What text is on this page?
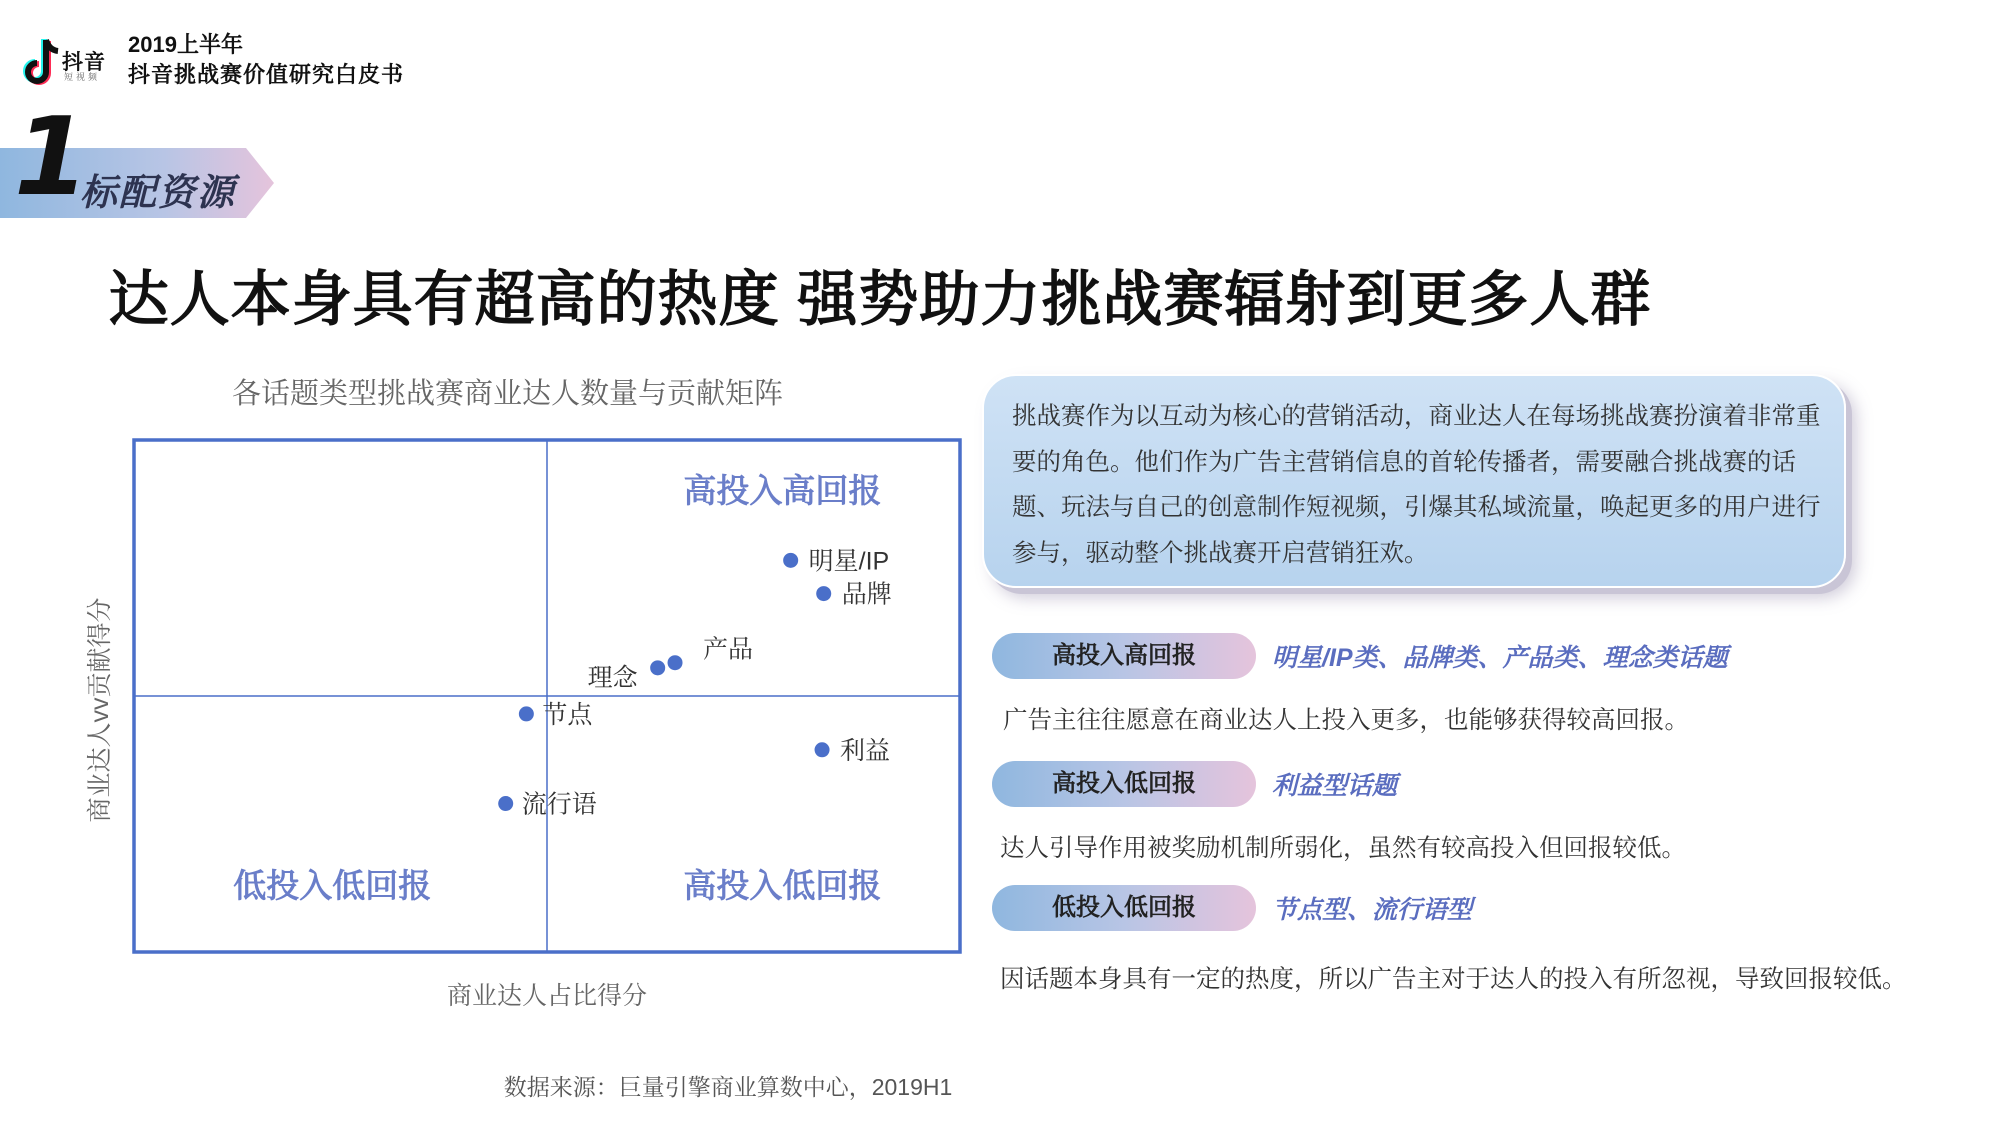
抖音
短视频
2019上半年
抖音挑战赛价值研究白皮书
1
标配资源
达人本身具有超高的热度 强势助力挑战赛辐射到更多人群
各话题类型挑战赛商业达人数量与贡献矩阵
高投入高回报
低投入低回报	高投入低回报
商业达人占比得分
商业达人vv贡献得分
明星/IP
品牌
产品
理念
节点
利益
流行语
挑战赛作为以互动为核心的营销活动，商业达人在每场挑战赛扮演着非常重要的角色。他们作为广告主营销信息的首轮传播者，需要融合挑战赛的话题、玩法与自己的创意制作短视频，引爆其私域流量，唤起更多的用户进行参与，驱动整个挑战赛开启营销狂欢。
高投入高回报	明星/IP类、品牌类、产品类、理念类话题
广告主往往愿意在商业达人上投入更多，也能够获得较高回报。
高投入低回报	利益型话题
达人引导作用被奖励机制所弱化，虽然有较高投入但回报较低。
低投入低回报	节点型、流行语型
因话题本身具有一定的热度，所以广告主对于达人的投入有所忽视，导致回报较低。
数据来源：巨量引擎商业算数中心，2019H1
